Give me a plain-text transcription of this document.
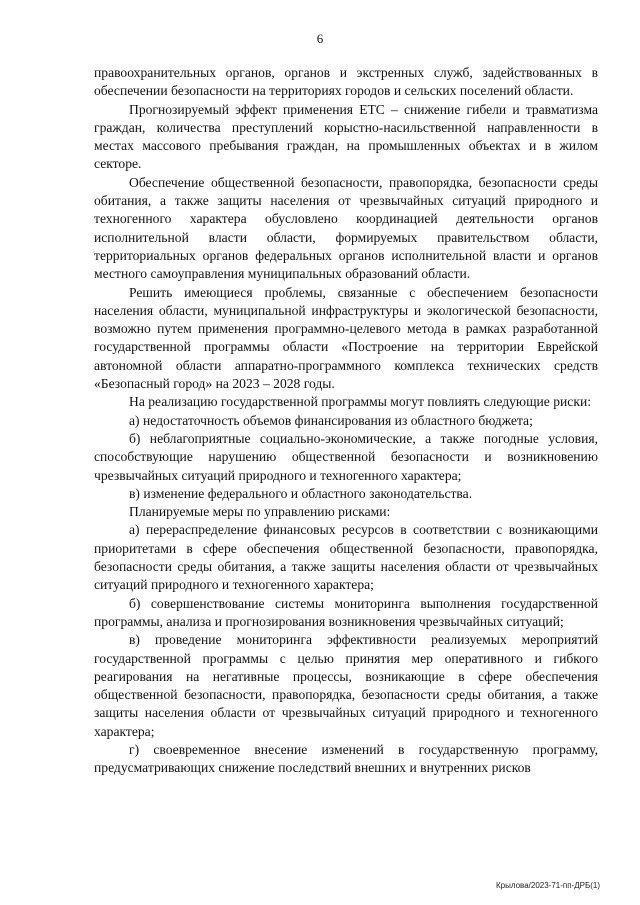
6

правоохранительных органов, органов и экстренных служб, задействованных в обеспечении безопасности на территориях городов и сельских поселений области.

Прогнозируемый эффект применения ЕТС – снижение гибели и травматизма граждан, количества преступлений корыстно-насильственной направленности в местах массового пребывания граждан, на промышленных объектах и в жилом секторе.

Обеспечение общественной безопасности, правопорядка, безопасности среды обитания, а также защиты населения от чрезвычайных ситуаций природного и техногенного характера обусловлено координацией деятельности органов исполнительной власти области, формируемых правительством области, территориальных органов федеральных органов исполнительной власти и органов местного самоуправления муниципальных образований области.

Решить имеющиеся проблемы, связанные с обеспечением безопасности населения области, муниципальной инфраструктуры и экологической безопасности, возможно путем применения программно-целевого метода в рамках разработанной государственной программы области «Построение на территории Еврейской автономной области аппаратно-программного комплекса технических средств «Безопасный город» на 2023 – 2028 годы.

На реализацию государственной программы могут повлиять следующие риски:

а) недостаточность объемов финансирования из областного бюджета;

б) неблагоприятные социально-экономические, а также погодные условия, способствующие нарушению общественной безопасности и возникновению чрезвычайных ситуаций природного и техногенного характера;

в) изменение федерального и областного законодательства.

Планируемые меры по управлению рисками:

а) перераспределение финансовых ресурсов в соответствии с возникающими приоритетами в сфере обеспечения общественной безопасности, правопорядка, безопасности среды обитания, а также защиты населения области от чрезвычайных ситуаций природного и техногенного характера;

б) совершенствование системы мониторинга выполнения государственной программы, анализа и прогнозирования возникновения чрезвычайных ситуаций;

в) проведение мониторинга эффективности реализуемых мероприятий государственной программы с целью принятия мер оперативного и гибкого реагирования на негативные процессы, возникающие в сфере обеспечения общественной безопасности, правопорядка, безопасности среды обитания, а также защиты населения области от чрезвычайных ситуаций природного и техногенного характера;

г) своевременное внесение изменений в государственную программу, предусматривающих снижение последствий внешних и внутренних рисков

Крылова/2023-71-пп-ДРБ(1)
